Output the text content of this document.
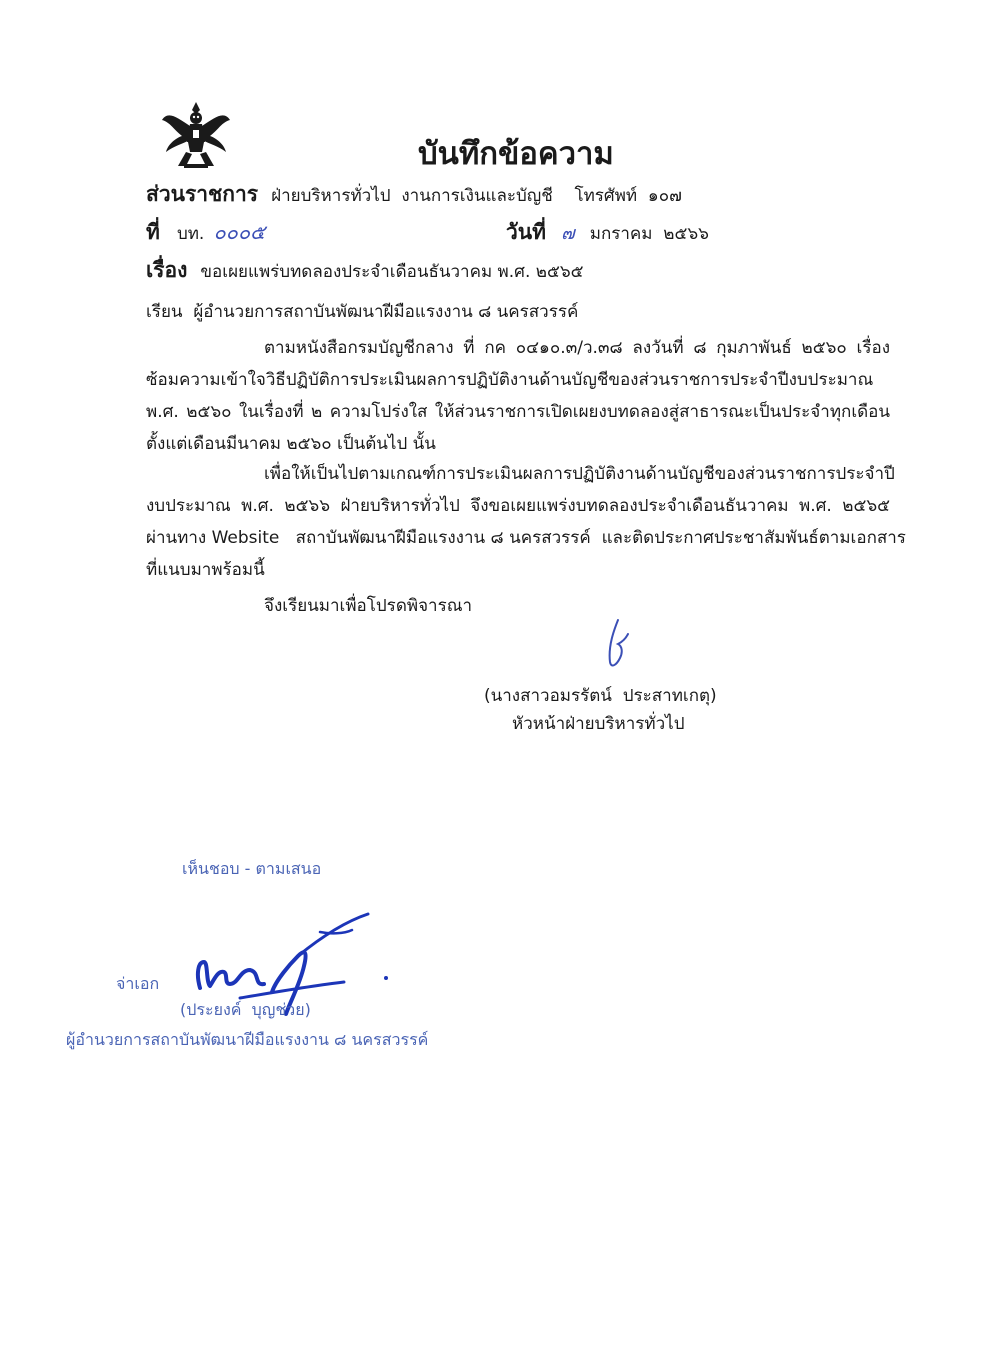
บันทึกข้อความ
ส่วนราชการ ฝ่ายบริหารทั่วไป  งานการเงินและบัญชี    โทรศัพท์  ๑๐๗
ที่ บท. ๐๐๐๕	วันที่ ๗ มกราคม  ๒๕๖๖
เรื่อง ขอเผยแพร่บทดลองประจำเดือนธันวาคม พ.ศ. ๒๕๖๕
เรียน  ผู้อำนวยการสถาบันพัฒนาฝีมือแรงงาน ๘ นครสวรรค์
ตามหนังสือกรมบัญชีกลาง ที่ กค ๐๔๑๐.๓/ว.๓๘ ลงวันที่ ๘ กุมภาพันธ์ ๒๕๖๐ เรื่อง
ซ้อมความเข้าใจวิธีปฏิบัติการประเมินผลการปฏิบัติงานด้านบัญชีของส่วนราชการประจำปีงบประมาณ
พ.ศ. ๒๕๖๐ ในเรื่องที่ ๒ ความโปร่งใส ให้ส่วนราชการเปิดเผยงบทดลองสู่สาธารณะเป็นประจำทุกเดือน
ตั้งแต่เดือนมีนาคม ๒๕๖๐ เป็นต้นไป นั้น
เพื่อให้เป็นไปตามเกณฑ์การประเมินผลการปฏิบัติงานด้านบัญชีของส่วนราชการประจำปี
งบประมาณ พ.ศ. ๒๕๖๖ ฝ่ายบริหารทั่วไป จึงขอเผยแพร่งบทดลองประจำเดือนธันวาคม พ.ศ. ๒๕๖๕
ผ่านทาง Website   สถาบันพัฒนาฝีมือแรงงาน ๘ นครสวรรค์  และติดประกาศประชาสัมพันธ์ตามเอกสาร
ที่แนบมาพร้อมนี้
จึงเรียนมาเพื่อโปรดพิจารณา
(นางสาวอมรรัตน์  ประสาทเกตุ)
หัวหน้าฝ่ายบริหารทั่วไป
เห็นชอบ - ตามเสนอ
จ่าเอก
(ประยงค์  บุญช่วย)
ผู้อำนวยการสถาบันพัฒนาฝีมือแรงงาน ๘ นครสวรรค์
